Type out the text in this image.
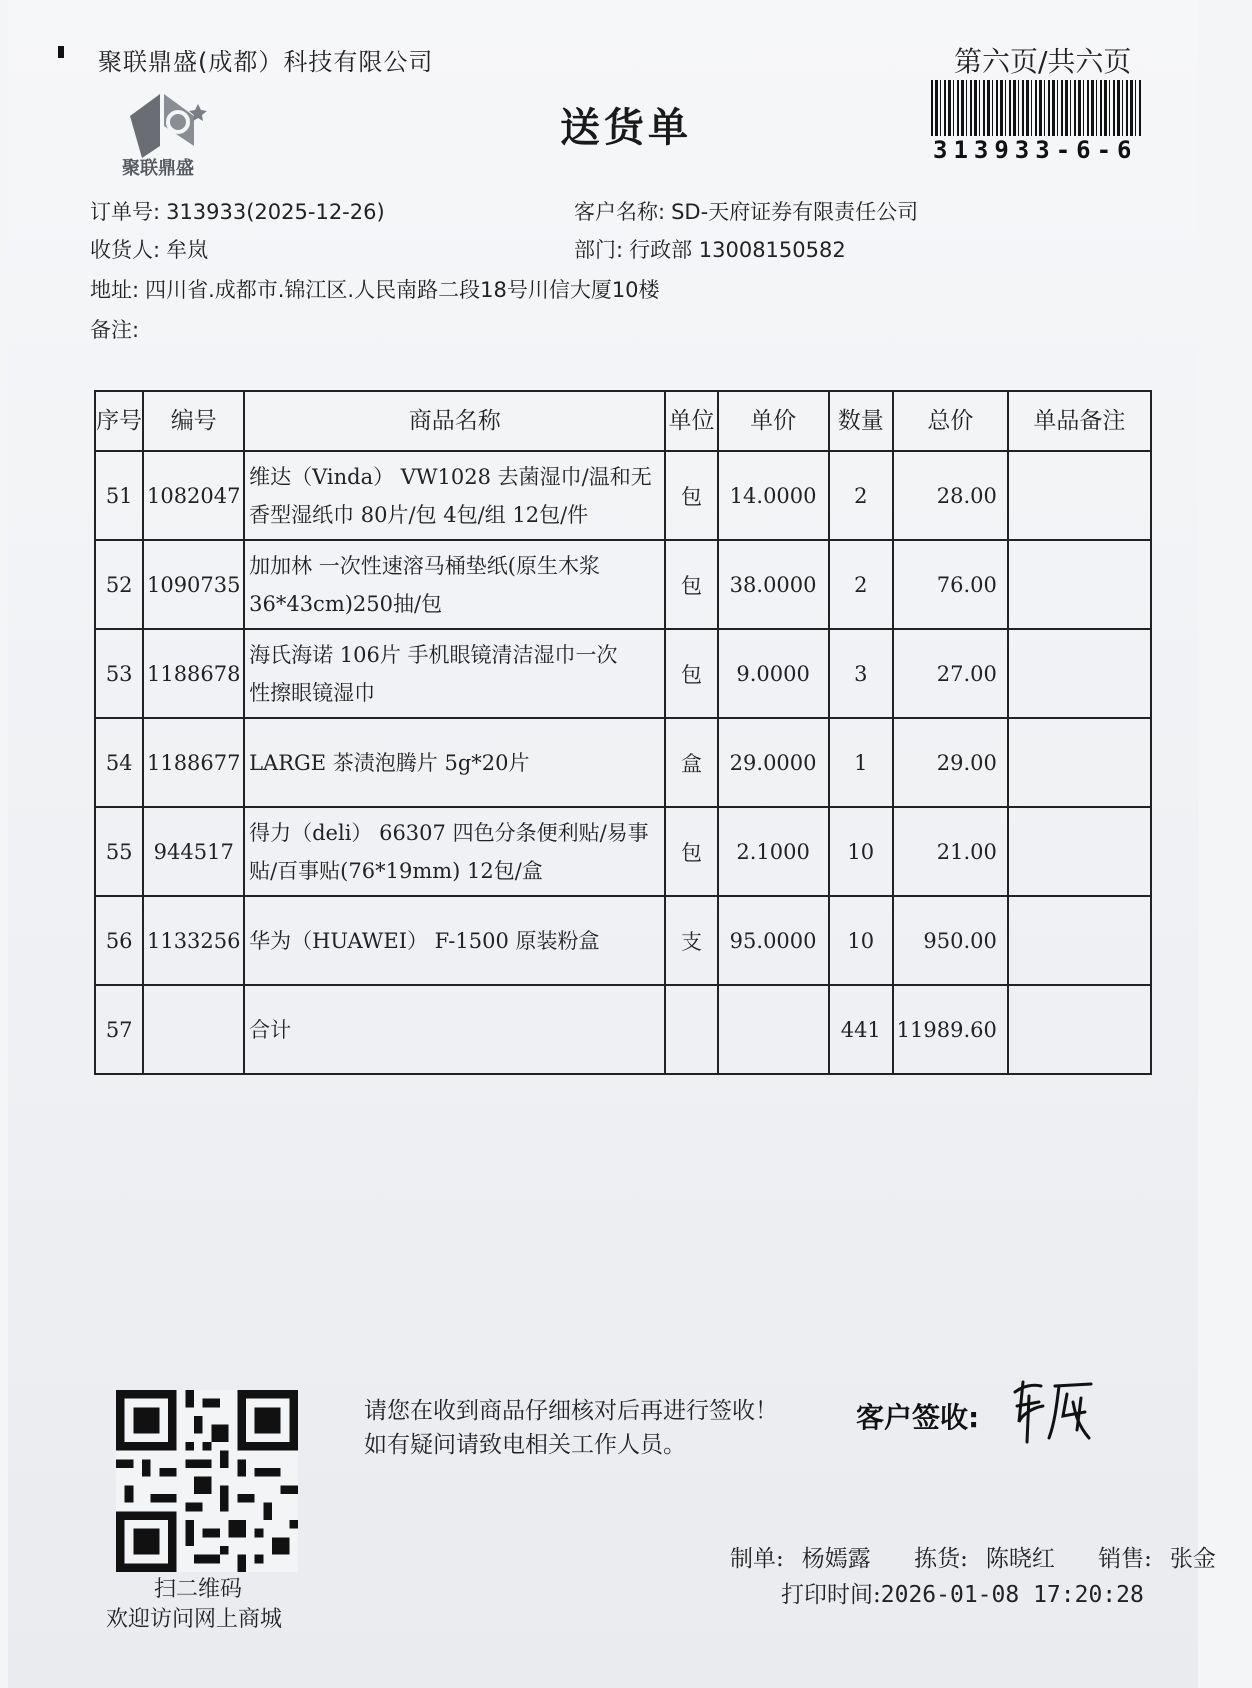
聚联鼎盛(成都）科技有限公司	第六页/共六页
313933-6-6
聚联鼎盛
送货单
订单号: 313933(2025-12-26)	客户名称: SD-天府证券有限责任公司
收货人: 牟岚	部门: 行政部 13008150582
地址: 四川省.成都市.锦江区.人民南路二段18号川信大厦10楼
备注:
序号	编号	商品名称	单位	单价	数量	总价	单品备注
51	1082047	维达（Vinda） VW1028 去菌湿巾/温和无
香型湿纸巾 80片/包 4包/组 12包/件	包	14.0000	2	28.00	
52	1090735	加加林 一次性速溶马桶垫纸(原生木浆
36*43cm)250抽/包	包	38.0000	2	76.00	
53	1188678	海氏海诺 106片 手机眼镜清洁湿巾一次
性擦眼镜湿巾	包	9.0000	3	27.00	
54	1188677	LARGE 茶渍泡腾片 5g*20片	盒	29.0000	1	29.00	
55	944517	得力（deli） 66307 四色分条便利贴/易事
贴/百事贴(76*19mm) 12包/盒	包	2.1000	10	21.00	
56	1133256	华为（HUAWEI） F-1500 原装粉盒	支	95.0000	10	950.00	
57		合计			441	11989.60	
扫二维码
欢迎访问网上商城
请您在收到商品仔细核对后再进行签收！如有疑问请致电相关工作人员。
客户签收:
制单: 杨嫣露 拣货: 陈晓红 销售: 张金
打印时间:2026-01-08 17:20:28
